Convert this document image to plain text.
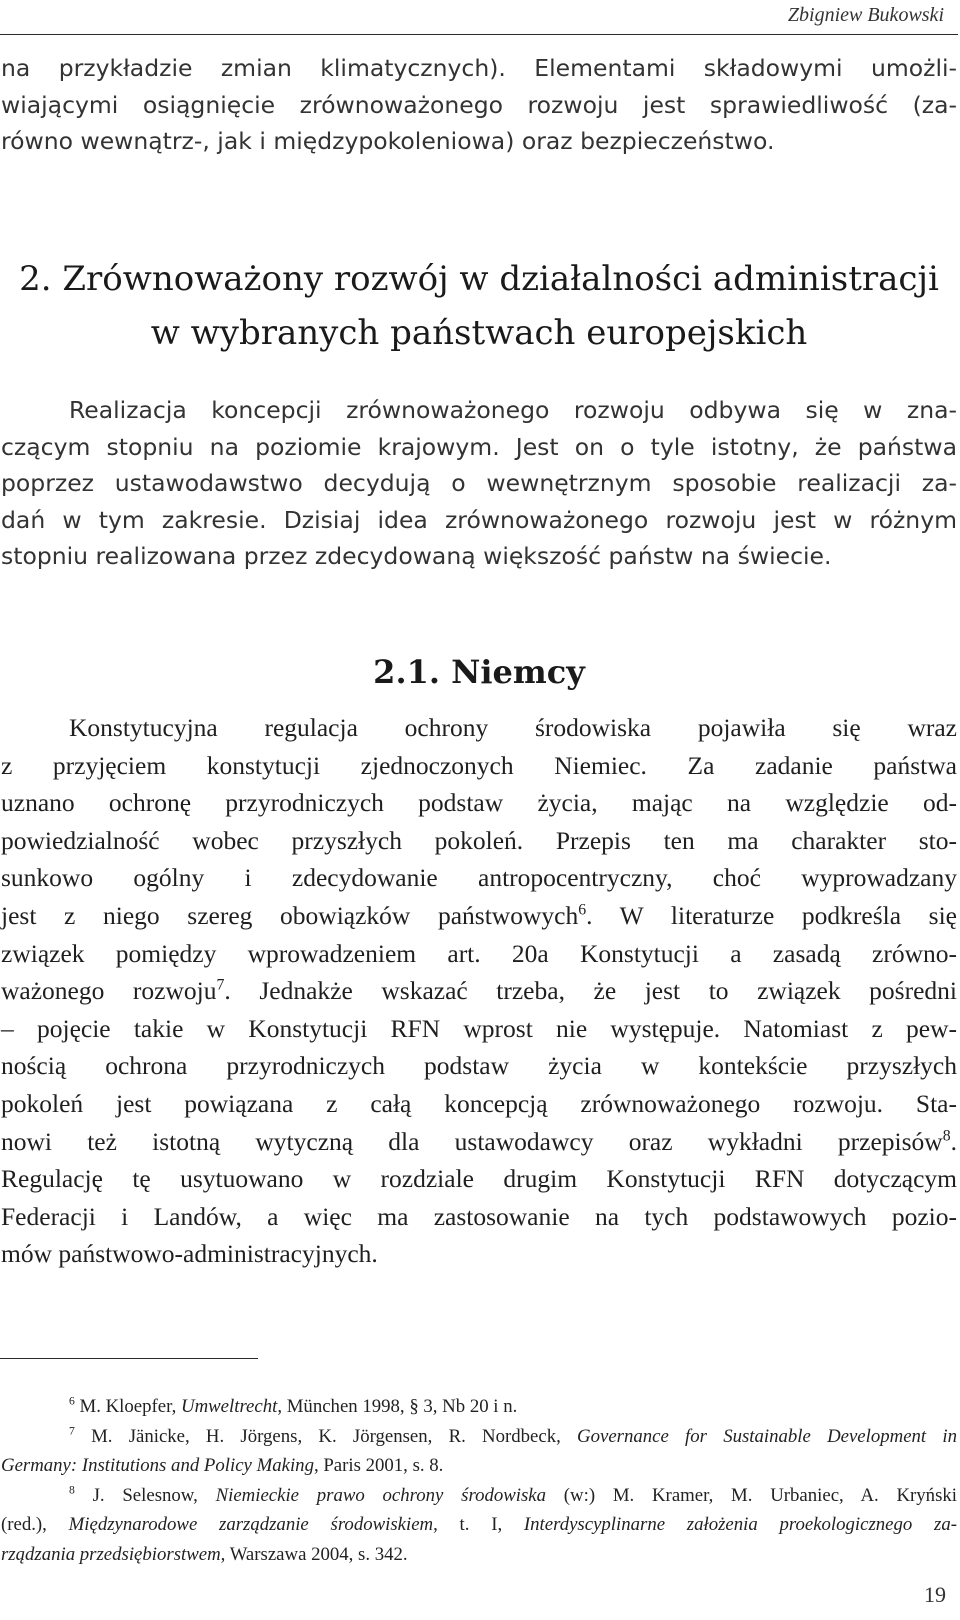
Zbigniew Bukowski
na przykładzie zmian klimatycznych). Elementami składowymi umożli-
wiającymi osiągnięcie zrównoważonego rozwoju jest sprawiedliwość (za-
równo wewnątrz-, jak i międzypokoleniowa) oraz bezpieczeństwo.
2. Zrównoważony rozwój w działalności administracji
w wybranych państwach europejskich
Realizacja koncepcji zrównoważonego rozwoju odbywa się w zna-
czącym stopniu na poziomie krajowym. Jest on o tyle istotny, że państwa
poprzez ustawodawstwo decydują o wewnętrznym sposobie realizacji za-
dań w tym zakresie. Dzisiaj idea zrównoważonego rozwoju jest w różnym
stopniu realizowana przez zdecydowaną większość państw na świecie.
2.1. Niemcy
Konstytucyjna regulacja ochrony środowiska pojawiła się wraz
z przyjęciem konstytucji zjednoczonych Niemiec. Za zadanie państwa
uznano ochronę przyrodniczych podstaw życia, mając na względzie od-
powiedzialność wobec przyszłych pokoleń. Przepis ten ma charakter sto-
sunkowo ogólny i zdecydowanie antropocentryczny, choć wyprowadzany
jest z niego szereg obowiązków państwowych$^6$. W literaturze podkreśla się
związek pomiędzy wprowadzeniem art. 20a Konstytucji a zasadą zrówno-
ważonego rozwoju$^7$. Jednakże wskazać trzeba, że jest to związek pośredni
– pojęcie takie w Konstytucji RFN wprost nie występuje. Natomiast z pew-
nością ochrona przyrodniczych podstaw życia w kontekście przyszłych
pokoleń jest powiązana z całą koncepcją zrównoważonego rozwoju. Sta-
nowi też istotną wytyczną dla ustawodawcy oraz wykładni przepisów$^8$.
Regulację tę usytuowano w rozdziale drugim Konstytucji RFN dotyczącym
Federacji i Landów, a więc ma zastosowanie na tych podstawowych pozio-
mów państwowo-administracyjnych.
$^6$ M. Kloepfer, Umweltrecht, München 1998, § 3, Nb 20 i n.
$^7$ M. Jänicke, H. Jörgens, K. Jörgensen, R. Nordbeck, Governance for Sustainable Development in
Germany: Institutions and Policy Making, Paris 2001, s. 8.
$^8$ J. Selesnow, Niemieckie prawo ochrony środowiska (w:) M. Kramer, M. Urbaniec, A. Kryński
(red.), Międzynarodowe zarządzanie środowiskiem, t. I, Interdyscyplinarne założenia proekologicznego za-
rządzania przedsiębiorstwem, Warszawa 2004, s. 342.
19
